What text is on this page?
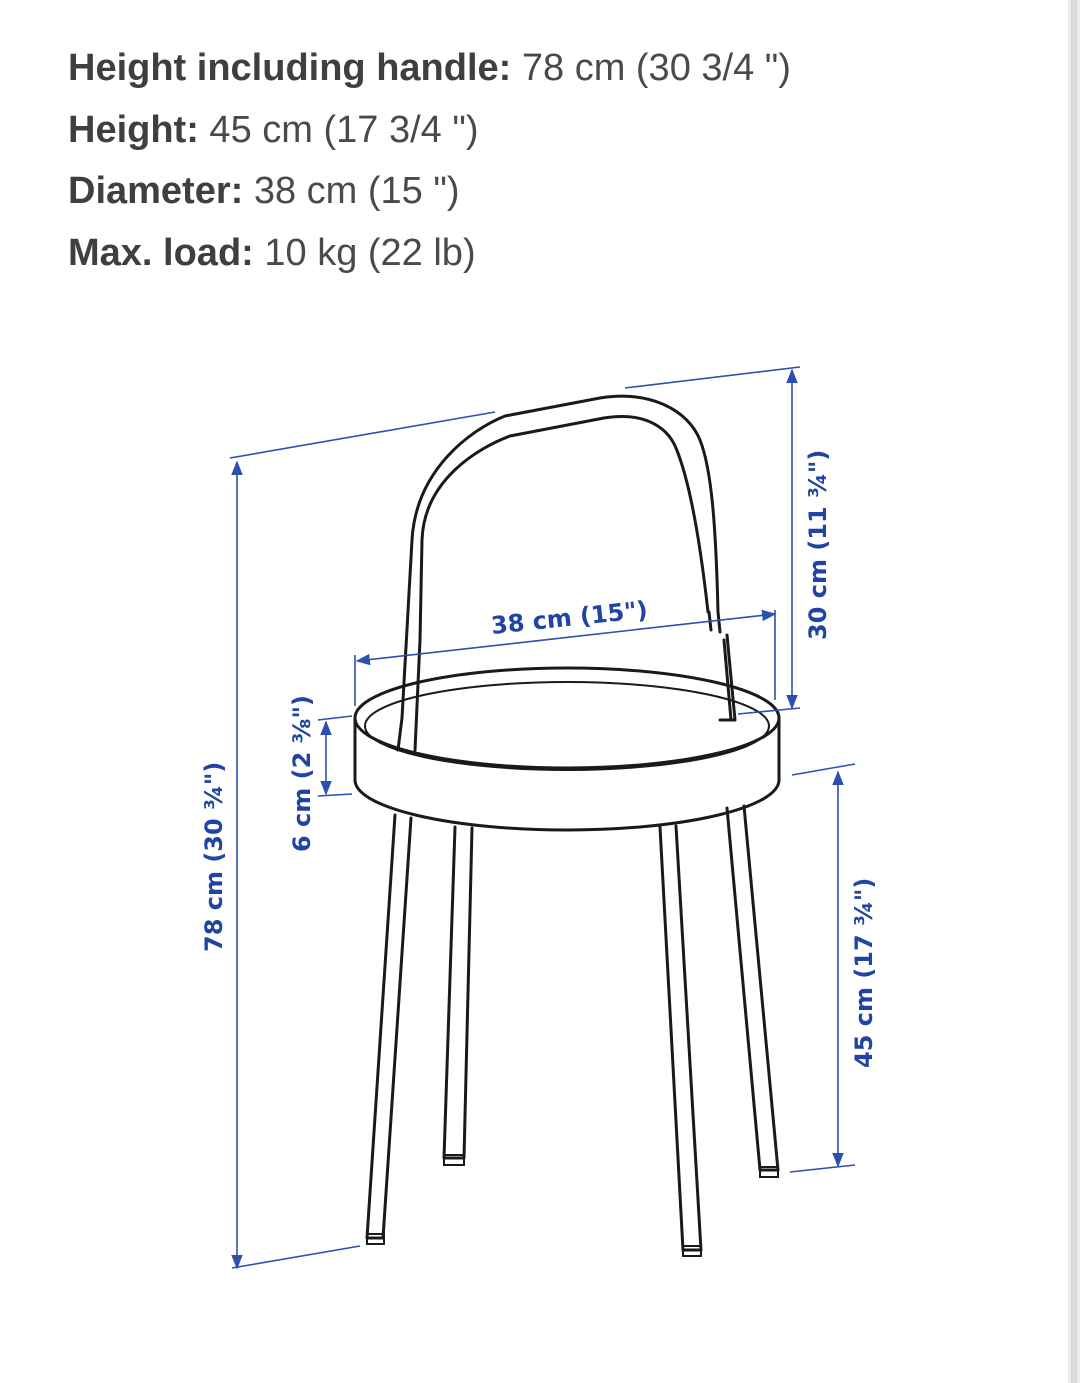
Height including handle: 78 cm (30 3/4 ")
Height: 45 cm (17 3/4 ")
Diameter: 38 cm (15 ")
Max. load: 10 kg (22 lb)
78 cm (30 ¾")
30 cm (11 ¾")
38 cm (15")
6 cm (2 ⅜")
45 cm (17 ¾")
